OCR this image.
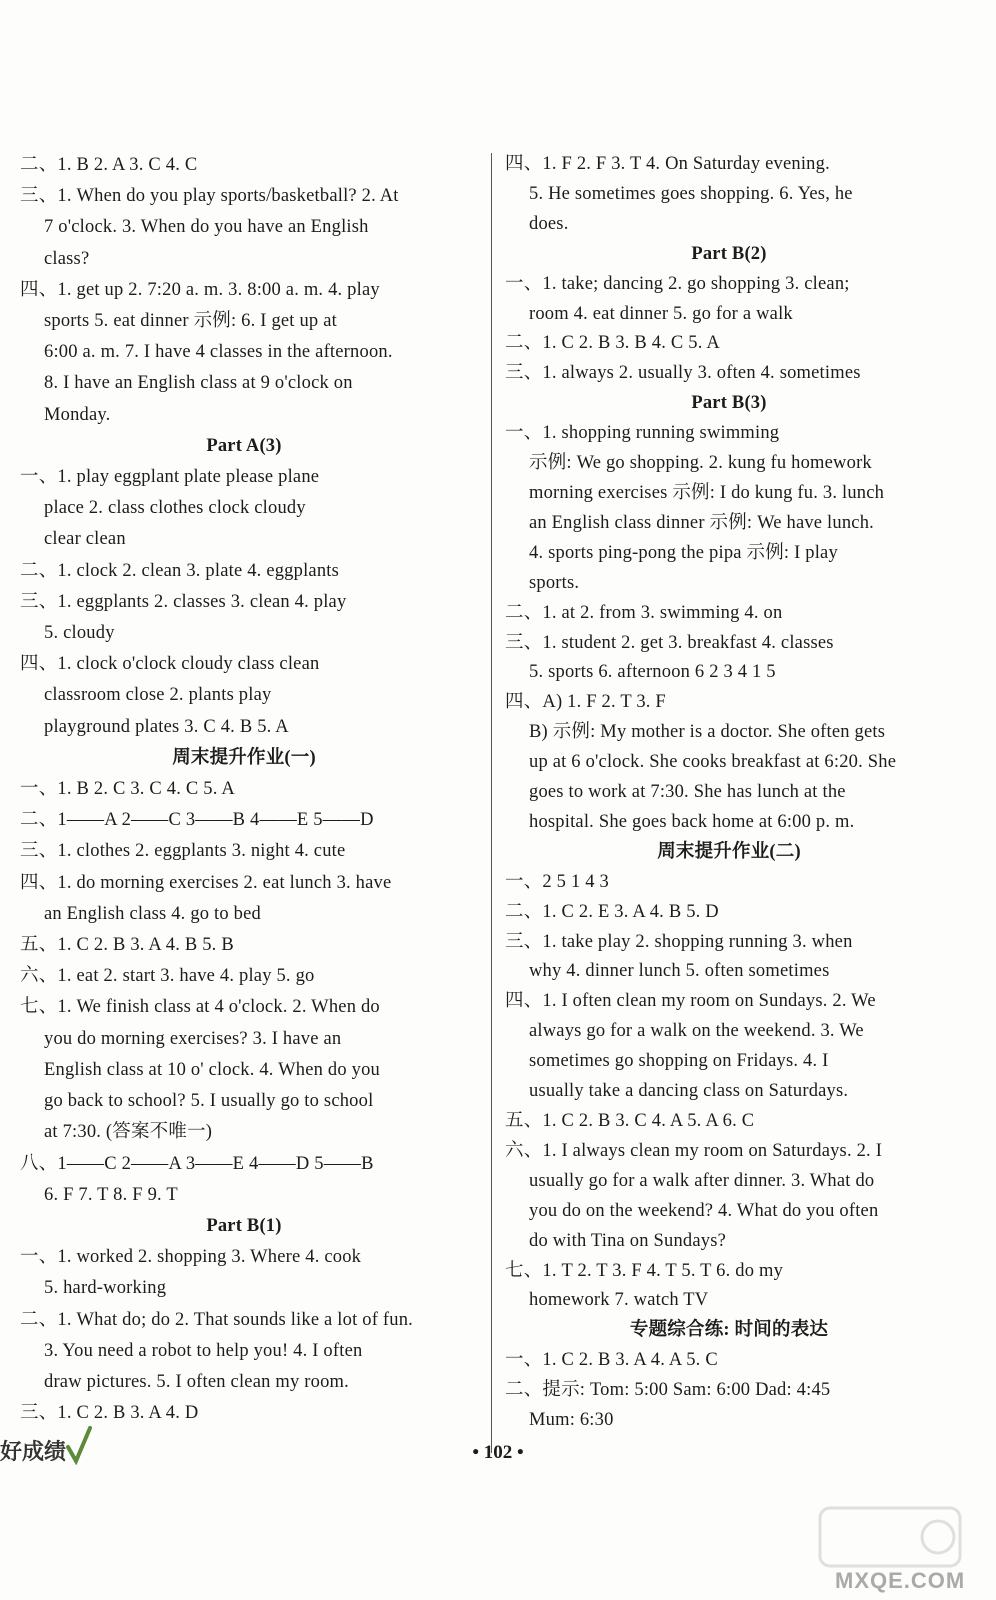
二、1. B 2. A 3. C 4. C
三、1. When do you play sports/basketball? 2. At
7 o'clock. 3. When do you have an English
class?
四、1. get up 2. 7:20 a. m. 3. 8:00 a. m. 4. play
sports 5. eat dinner 示例: 6. I get up at
6:00 a. m. 7. I have 4 classes in the afternoon.
8. I have an English class at 9 o'clock on
Monday.
Part A(3)
一、1. play eggplant plate please plane
place 2. class clothes clock cloudy
clear clean
二、1. clock 2. clean 3. plate 4. eggplants
三、1. eggplants 2. classes 3. clean 4. play
5. cloudy
四、1. clock o'clock cloudy class clean
classroom close 2. plants play
playground plates 3. C 4. B 5. A
周末提升作业(一)
一、1. B 2. C 3. C 4. C 5. A
二、1——A 2——C 3——B 4——E 5——D
三、1. clothes 2. eggplants 3. night 4. cute
四、1. do morning exercises 2. eat lunch 3. have
an English class 4. go to bed
五、1. C 2. B 3. A 4. B 5. B
六、1. eat 2. start 3. have 4. play 5. go
七、1. We finish class at 4 o'clock. 2. When do
you do morning exercises? 3. I have an
English class at 10 o' clock. 4. When do you
go back to school? 5. I usually go to school
at 7:30. (答案不唯一)
八、1——C 2——A 3——E 4——D 5——B
6. F 7. T 8. F 9. T
Part B(1)
一、1. worked 2. shopping 3. Where 4. cook
5. hard-working
二、1. What do; do 2. That sounds like a lot of fun.
3. You need a robot to help you! 4. I often
draw pictures. 5. I often clean my room.
三、1. C 2. B 3. A 4. D
四、1. F 2. F 3. T 4. On Saturday evening.
5. He sometimes goes shopping. 6. Yes, he
does.
Part B(2)
一、1. take; dancing 2. go shopping 3. clean;
room 4. eat dinner 5. go for a walk
二、1. C 2. B 3. B 4. C 5. A
三、1. always 2. usually 3. often 4. sometimes
Part B(3)
一、1. shopping running swimming
示例: We go shopping. 2. kung fu homework
morning exercises 示例: I do kung fu. 3. lunch
an English class dinner 示例: We have lunch.
4. sports ping-pong the pipa 示例: I play
sports.
二、1. at 2. from 3. swimming 4. on
三、1. student 2. get 3. breakfast 4. classes
5. sports 6. afternoon 6 2 3 4 1 5
四、A) 1. F 2. T 3. F
B) 示例: My mother is a doctor. She often gets
up at 6 o'clock. She cooks breakfast at 6:20. She
goes to work at 7:30. She has lunch at the
hospital. She goes back home at 6:00 p. m.
周末提升作业(二)
一、2 5 1 4 3
二、1. C 2. E 3. A 4. B 5. D
三、1. take play 2. shopping running 3. when
why 4. dinner lunch 5. often sometimes
四、1. I often clean my room on Sundays. 2. We
always go for a walk on the weekend. 3. We
sometimes go shopping on Fridays. 4. I
usually take a dancing class on Saturdays.
五、1. C 2. B 3. C 4. A 5. A 6. C
六、1. I always clean my room on Saturdays. 2. I
usually go for a walk after dinner. 3. What do
you do on the weekend? 4. What do you often
do with Tina on Sundays?
七、1. T 2. T 3. F 4. T 5. T 6. do my
homework 7. watch TV
专题综合练: 时间的表达
一、1. C 2. B 3. A 4. A 5. C
二、提示: Tom: 5:00 Sam: 6:00 Dad: 4:45
Mum: 6:30
好成绩	• 102 •
MXQE.COM
